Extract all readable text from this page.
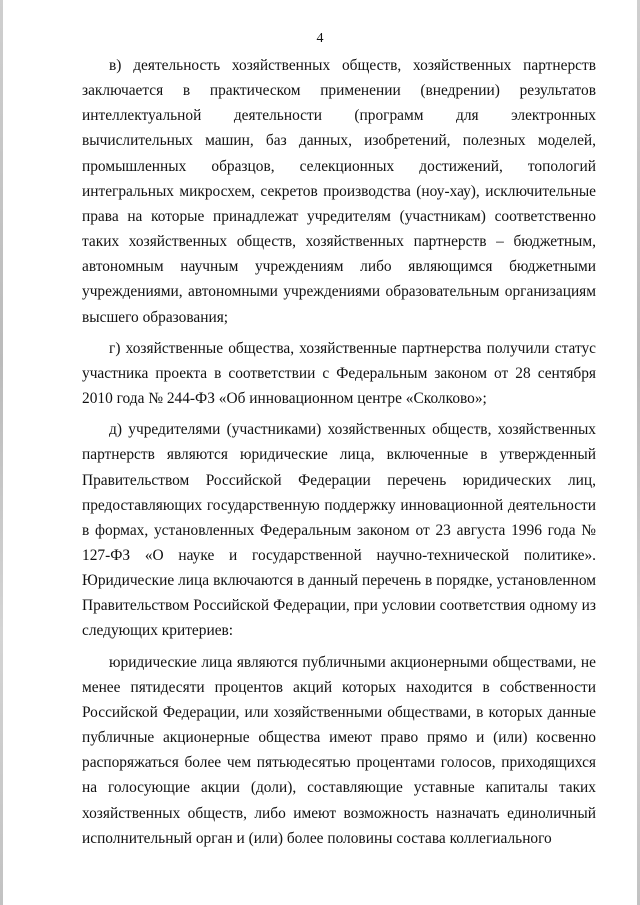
4

в) деятельность хозяйственных обществ, хозяйственных партнерств заключается в практическом применении (внедрении) результатов интеллектуальной деятельности (программ для электронных вычислительных машин, баз данных, изобретений, полезных моделей, промышленных образцов, селекционных достижений, топологий интегральных микросхем, секретов производства (ноу-хау), исключительные права на которые принадлежат учредителям (участникам) соответственно таких хозяйственных обществ, хозяйственных партнерств – бюджетным, автономным научным учреждениям либо являющимся бюджетными учреждениями, автономными учреждениями образовательным организациям высшего образования;

г) хозяйственные общества, хозяйственные партнерства получили статус участника проекта в соответствии с Федеральным законом от 28 сентября 2010 года № 244-ФЗ «Об инновационном центре «Сколково»;

д) учредителями (участниками) хозяйственных обществ, хозяйственных партнерств являются юридические лица, включенные в утвержденный Правительством Российской Федерации перечень юридических лиц, предоставляющих государственную поддержку инновационной деятельности в формах, установленных Федеральным законом от 23 августа 1996 года № 127-ФЗ «О науке и государственной научно-технической политике». Юридические лица включаются в данный перечень в порядке, установленном Правительством Российской Федерации, при условии соответствия одному из следующих критериев:

юридические лица являются публичными акционерными обществами, не менее пятидесяти процентов акций которых находится в собственности Российской Федерации, или хозяйственными обществами, в которых данные публичные акционерные общества имеют право прямо и (или) косвенно распоряжаться более чем пятьюдесятью процентами голосов, приходящихся на голосующие акции (доли), составляющие уставные капиталы таких хозяйственных обществ, либо имеют возможность назначать единоличный исполнительный орган и (или) более половины состава коллегиального
